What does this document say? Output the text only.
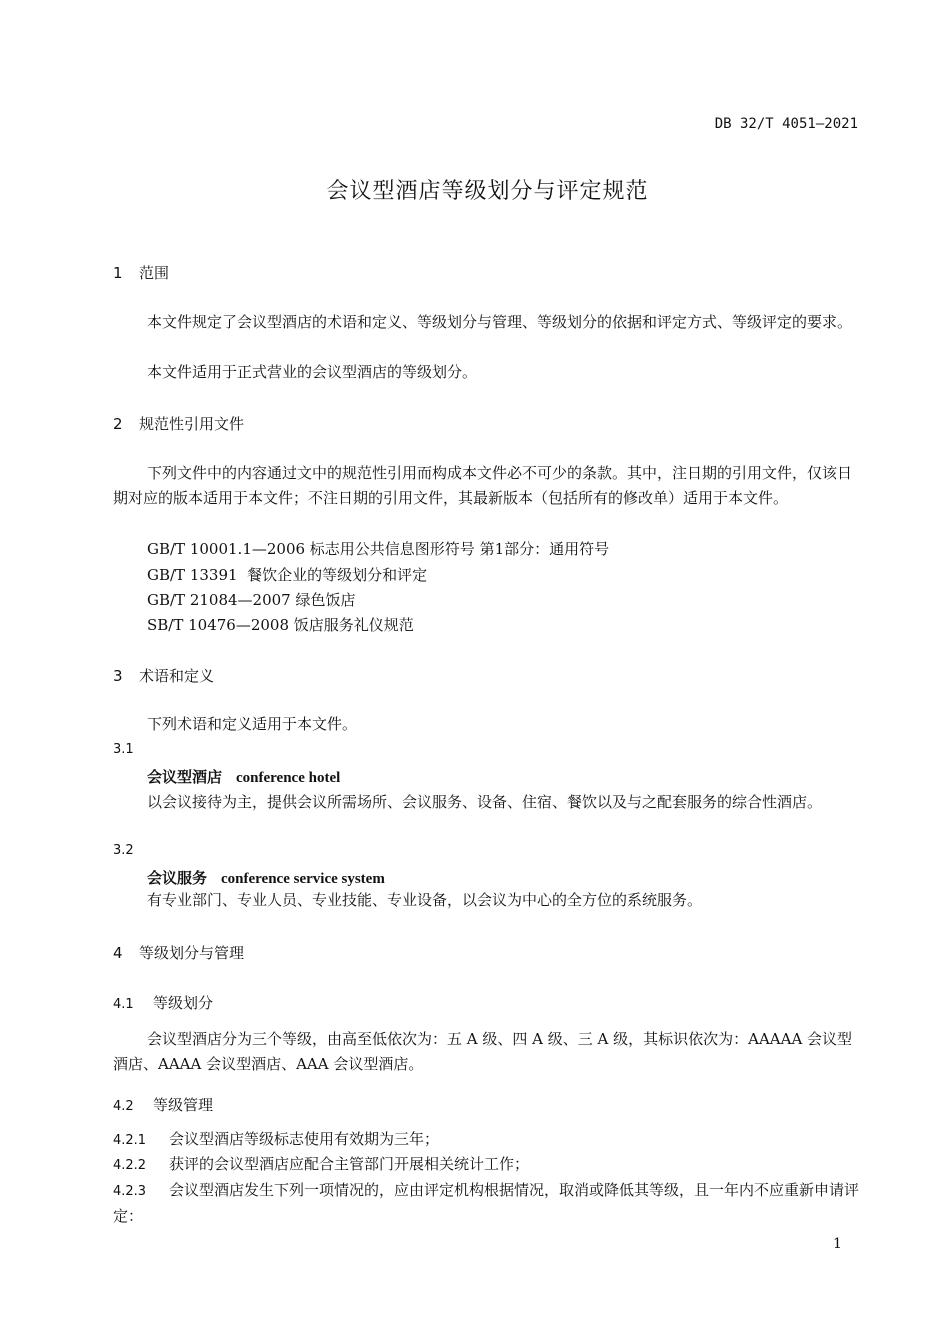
DB 32/T 4051—2021
会议型酒店等级划分与评定规范
1 范围
本文件规定了会议型酒店的术语和定义、等级划分与管理、等级划分的依据和评定方式、等级评定的要求。
本文件适用于正式营业的会议型酒店的等级划分。
2 规范性引用文件
下列文件中的内容通过文中的规范性引用而构成本文件必不可少的条款。其中，注日期的引用文件，仅该日期对应的版本适用于本文件；不注日期的引用文件，其最新版本（包括所有的修改单）适用于本文件。
GB/T 10001.1—2006 标志用公共信息图形符号 第1部分：通用符号
GB/T 13391  餐饮企业的等级划分和评定
GB/T 21084—2007 绿色饭店
SB/T 10476—2008 饭店服务礼仪规范
3 术语和定义
下列术语和定义适用于本文件。
3.1
会议型酒店 conference hotel
以会议接待为主，提供会议所需场所、会议服务、设备、住宿、餐饮以及与之配套服务的综合性酒店。
3.2
会议服务 conference service system
有专业部门、专业人员、专业技能、专业设备，以会议为中心的全方位的系统服务。
4 等级划分与管理
4.1 等级划分
会议型酒店分为三个等级，由高至低依次为：五 A 级、四 A 级、三 A 级，其标识依次为：AAAAA 会议型酒店、AAAA 会议型酒店、AAA 会议型酒店。
4.2 等级管理
4.2.1 会议型酒店等级标志使用有效期为三年；
4.2.2 获评的会议型酒店应配合主管部门开展相关统计工作；
4.2.3 会议型酒店发生下列一项情况的，应由评定机构根据情况，取消或降低其等级，且一年内不应重新申请评定：
1
